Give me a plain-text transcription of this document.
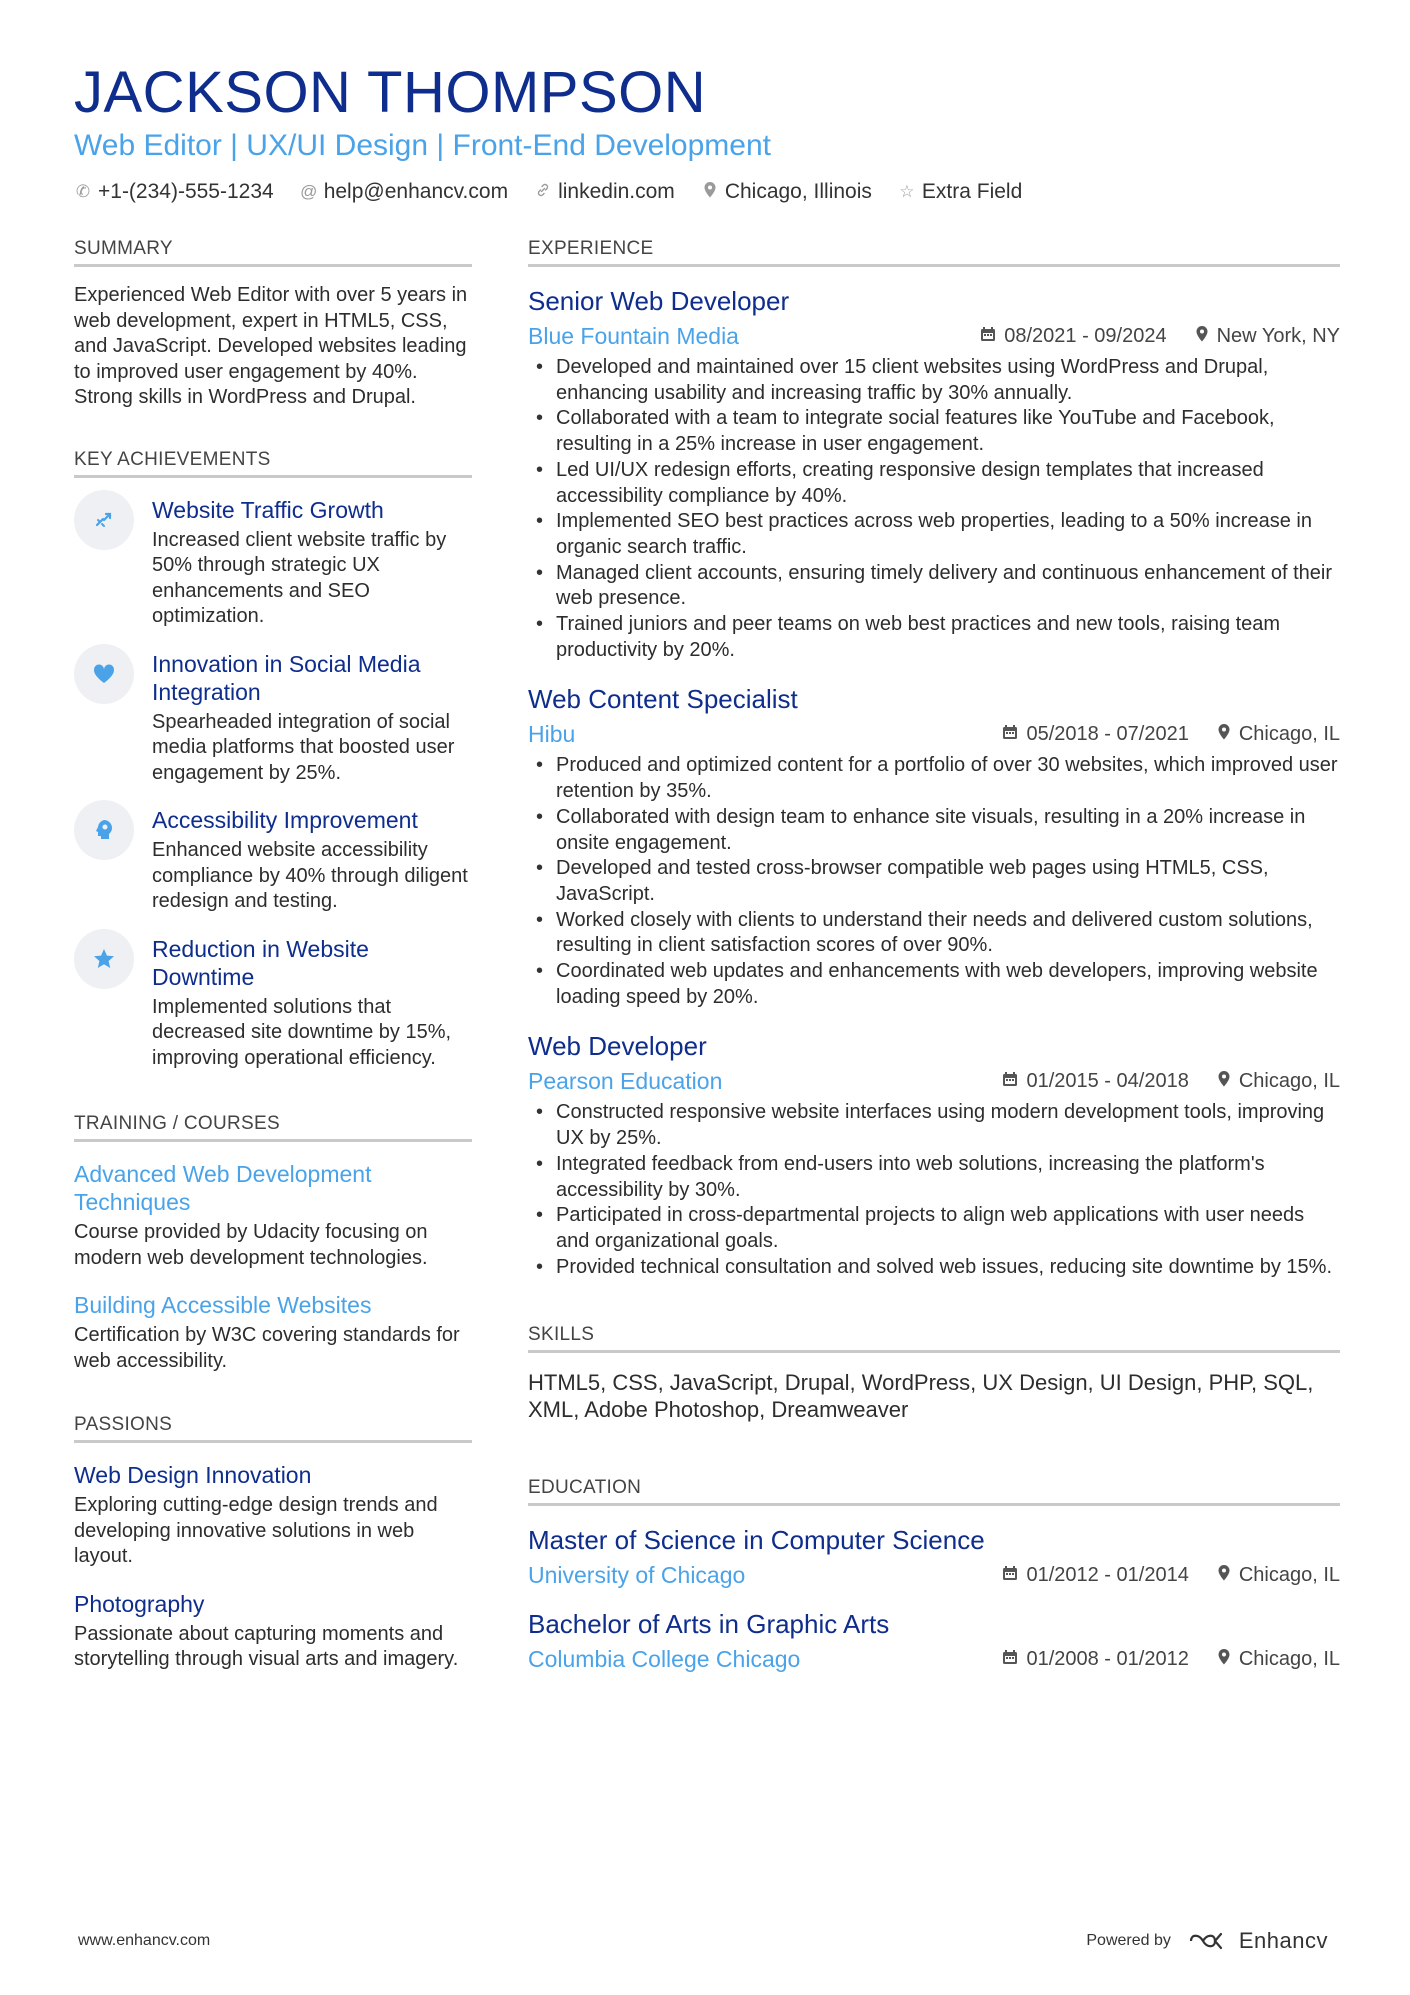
JACKSON THOMPSON
Web Editor | UX/UI Design | Front-End Development
✆ +1-(234)-555-1234 @ help@enhancv.com linkedin.com Chicago, Illinois ☆ Extra Field
SUMMARY
Experienced Web Editor with over 5 years in web development, expert in HTML5, CSS, and JavaScript. Developed websites leading to improved user engagement by 40%. Strong skills in WordPress and Drupal.
KEY ACHIEVEMENTS
Website Traffic Growth
Increased client website traffic by 50% through strategic UX enhancements and SEO optimization.
Innovation in Social Media Integration
Spearheaded integration of social media platforms that boosted user engagement by 25%.
Accessibility Improvement
Enhanced website accessibility compliance by 40% through diligent redesign and testing.
Reduction in Website Downtime
Implemented solutions that decreased site downtime by 15%, improving operational efficiency.
TRAINING / COURSES
Advanced Web Development Techniques
Course provided by Udacity focusing on modern web development technologies.
Building Accessible Websites
Certification by W3C covering standards for web accessibility.
PASSIONS
Web Design Innovation
Exploring cutting-edge design trends and developing innovative solutions in web layout.
Photography
Passionate about capturing moments and storytelling through visual arts and imagery.
EXPERIENCE
Senior Web Developer
Blue Fountain Media	08/2021 - 09/2024	New York, NY
• Developed and maintained over 15 client websites using WordPress and Drupal, enhancing usability and increasing traffic by 30% annually.
• Collaborated with a team to integrate social features like YouTube and Facebook, resulting in a 25% increase in user engagement.
• Led UI/UX redesign efforts, creating responsive design templates that increased accessibility compliance by 40%.
• Implemented SEO best practices across web properties, leading to a 50% increase in organic search traffic.
• Managed client accounts, ensuring timely delivery and continuous enhancement of their web presence.
• Trained juniors and peer teams on web best practices and new tools, raising team productivity by 20%.
Web Content Specialist
Hibu	05/2018 - 07/2021	Chicago, IL
• Produced and optimized content for a portfolio of over 30 websites, which improved user retention by 35%.
• Collaborated with design team to enhance site visuals, resulting in a 20% increase in onsite engagement.
• Developed and tested cross-browser compatible web pages using HTML5, CSS, JavaScript.
• Worked closely with clients to understand their needs and delivered custom solutions, resulting in client satisfaction scores of over 90%.
• Coordinated web updates and enhancements with web developers, improving website loading speed by 20%.
Web Developer
Pearson Education	01/2015 - 04/2018	Chicago, IL
• Constructed responsive website interfaces using modern development tools, improving UX by 25%.
• Integrated feedback from end-users into web solutions, increasing the platform's accessibility by 30%.
• Participated in cross-departmental projects to align web applications with user needs and organizational goals.
• Provided technical consultation and solved web issues, reducing site downtime by 15%.
SKILLS
HTML5, CSS, JavaScript, Drupal, WordPress, UX Design, UI Design, PHP, SQL, XML, Adobe Photoshop, Dreamweaver
EDUCATION
Master of Science in Computer Science
University of Chicago	01/2012 - 01/2014	Chicago, IL
Bachelor of Arts in Graphic Arts
Columbia College Chicago	01/2008 - 01/2012	Chicago, IL
www.enhancv.com	Powered by	Enhancv
